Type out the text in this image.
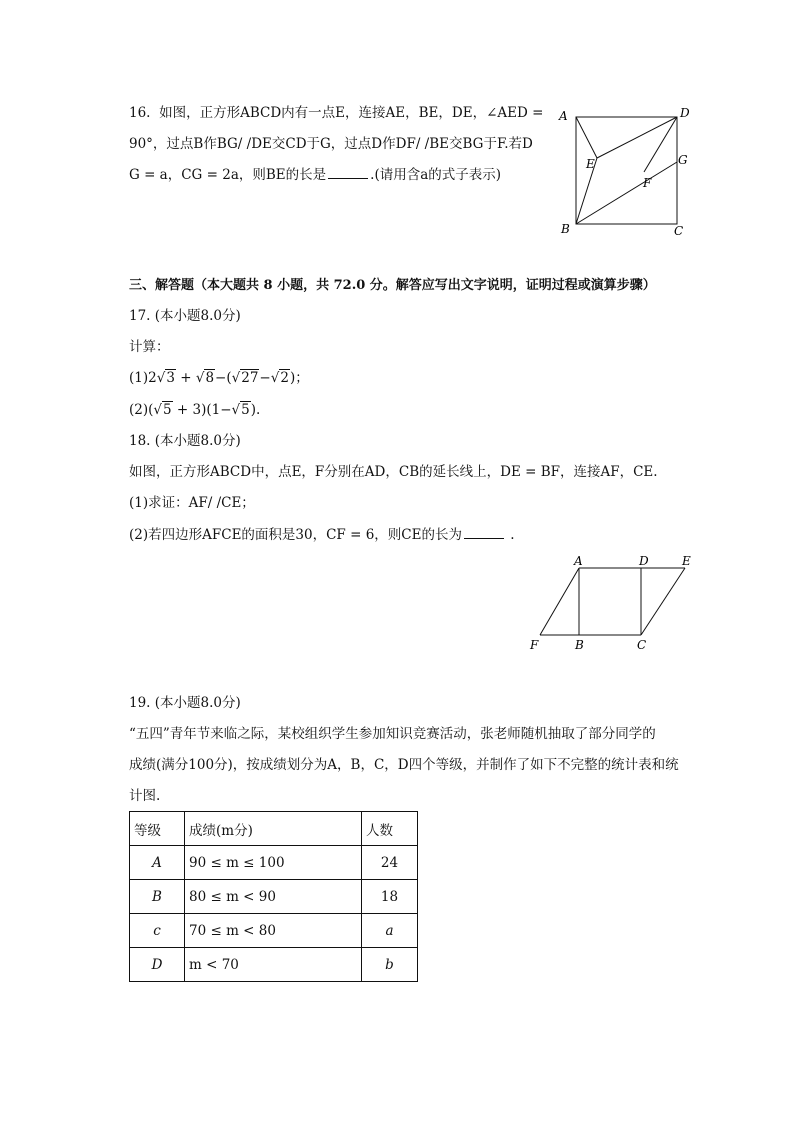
16. 如图，正方形ABCD内有一点E，连接AE，BE，DE，∠AED =
90°，过点B作BG/ /DE交CD于G，过点D作DF/ /BE交BG于F.若D
G = a，CG = 2a，则BE的长是	.(请用含a的式子表示)
A	D
E	G
F
B	C
三、解答题（本大题共 8 小题，共 72.0 分。解答应写出文字说明，证明过程或演算步骤）
17. (本小题8.0分)
计算：
(1)2√3 + √8−(√27−√2)；
(2)(√5 + 3)(1−√5).
18. (本小题8.0分)
如图，正方形ABCD中，点E，F分别在AD，CB的延长线上，DE = BF，连接AF，CE.
(1)求证：AF/ /CE；
(2)若四边形AFCE的面积是30，CF = 6，则CE的长为	.
A	D	E
F	B	C
19. (本小题8.0分)
“五四”青年节来临之际，某校组织学生参加知识竞赛活动，张老师随机抽取了部分同学的
成绩(满分100分)，按成绩划分为A，B，C，D四个等级，并制作了如下不完整的统计表和统
计图.
等级	成绩(m分)	人数
A	90 ≤ m ≤ 100	24
B	80 ≤ m < 90	18
c	70 ≤ m < 80	a
D	m < 70	b
